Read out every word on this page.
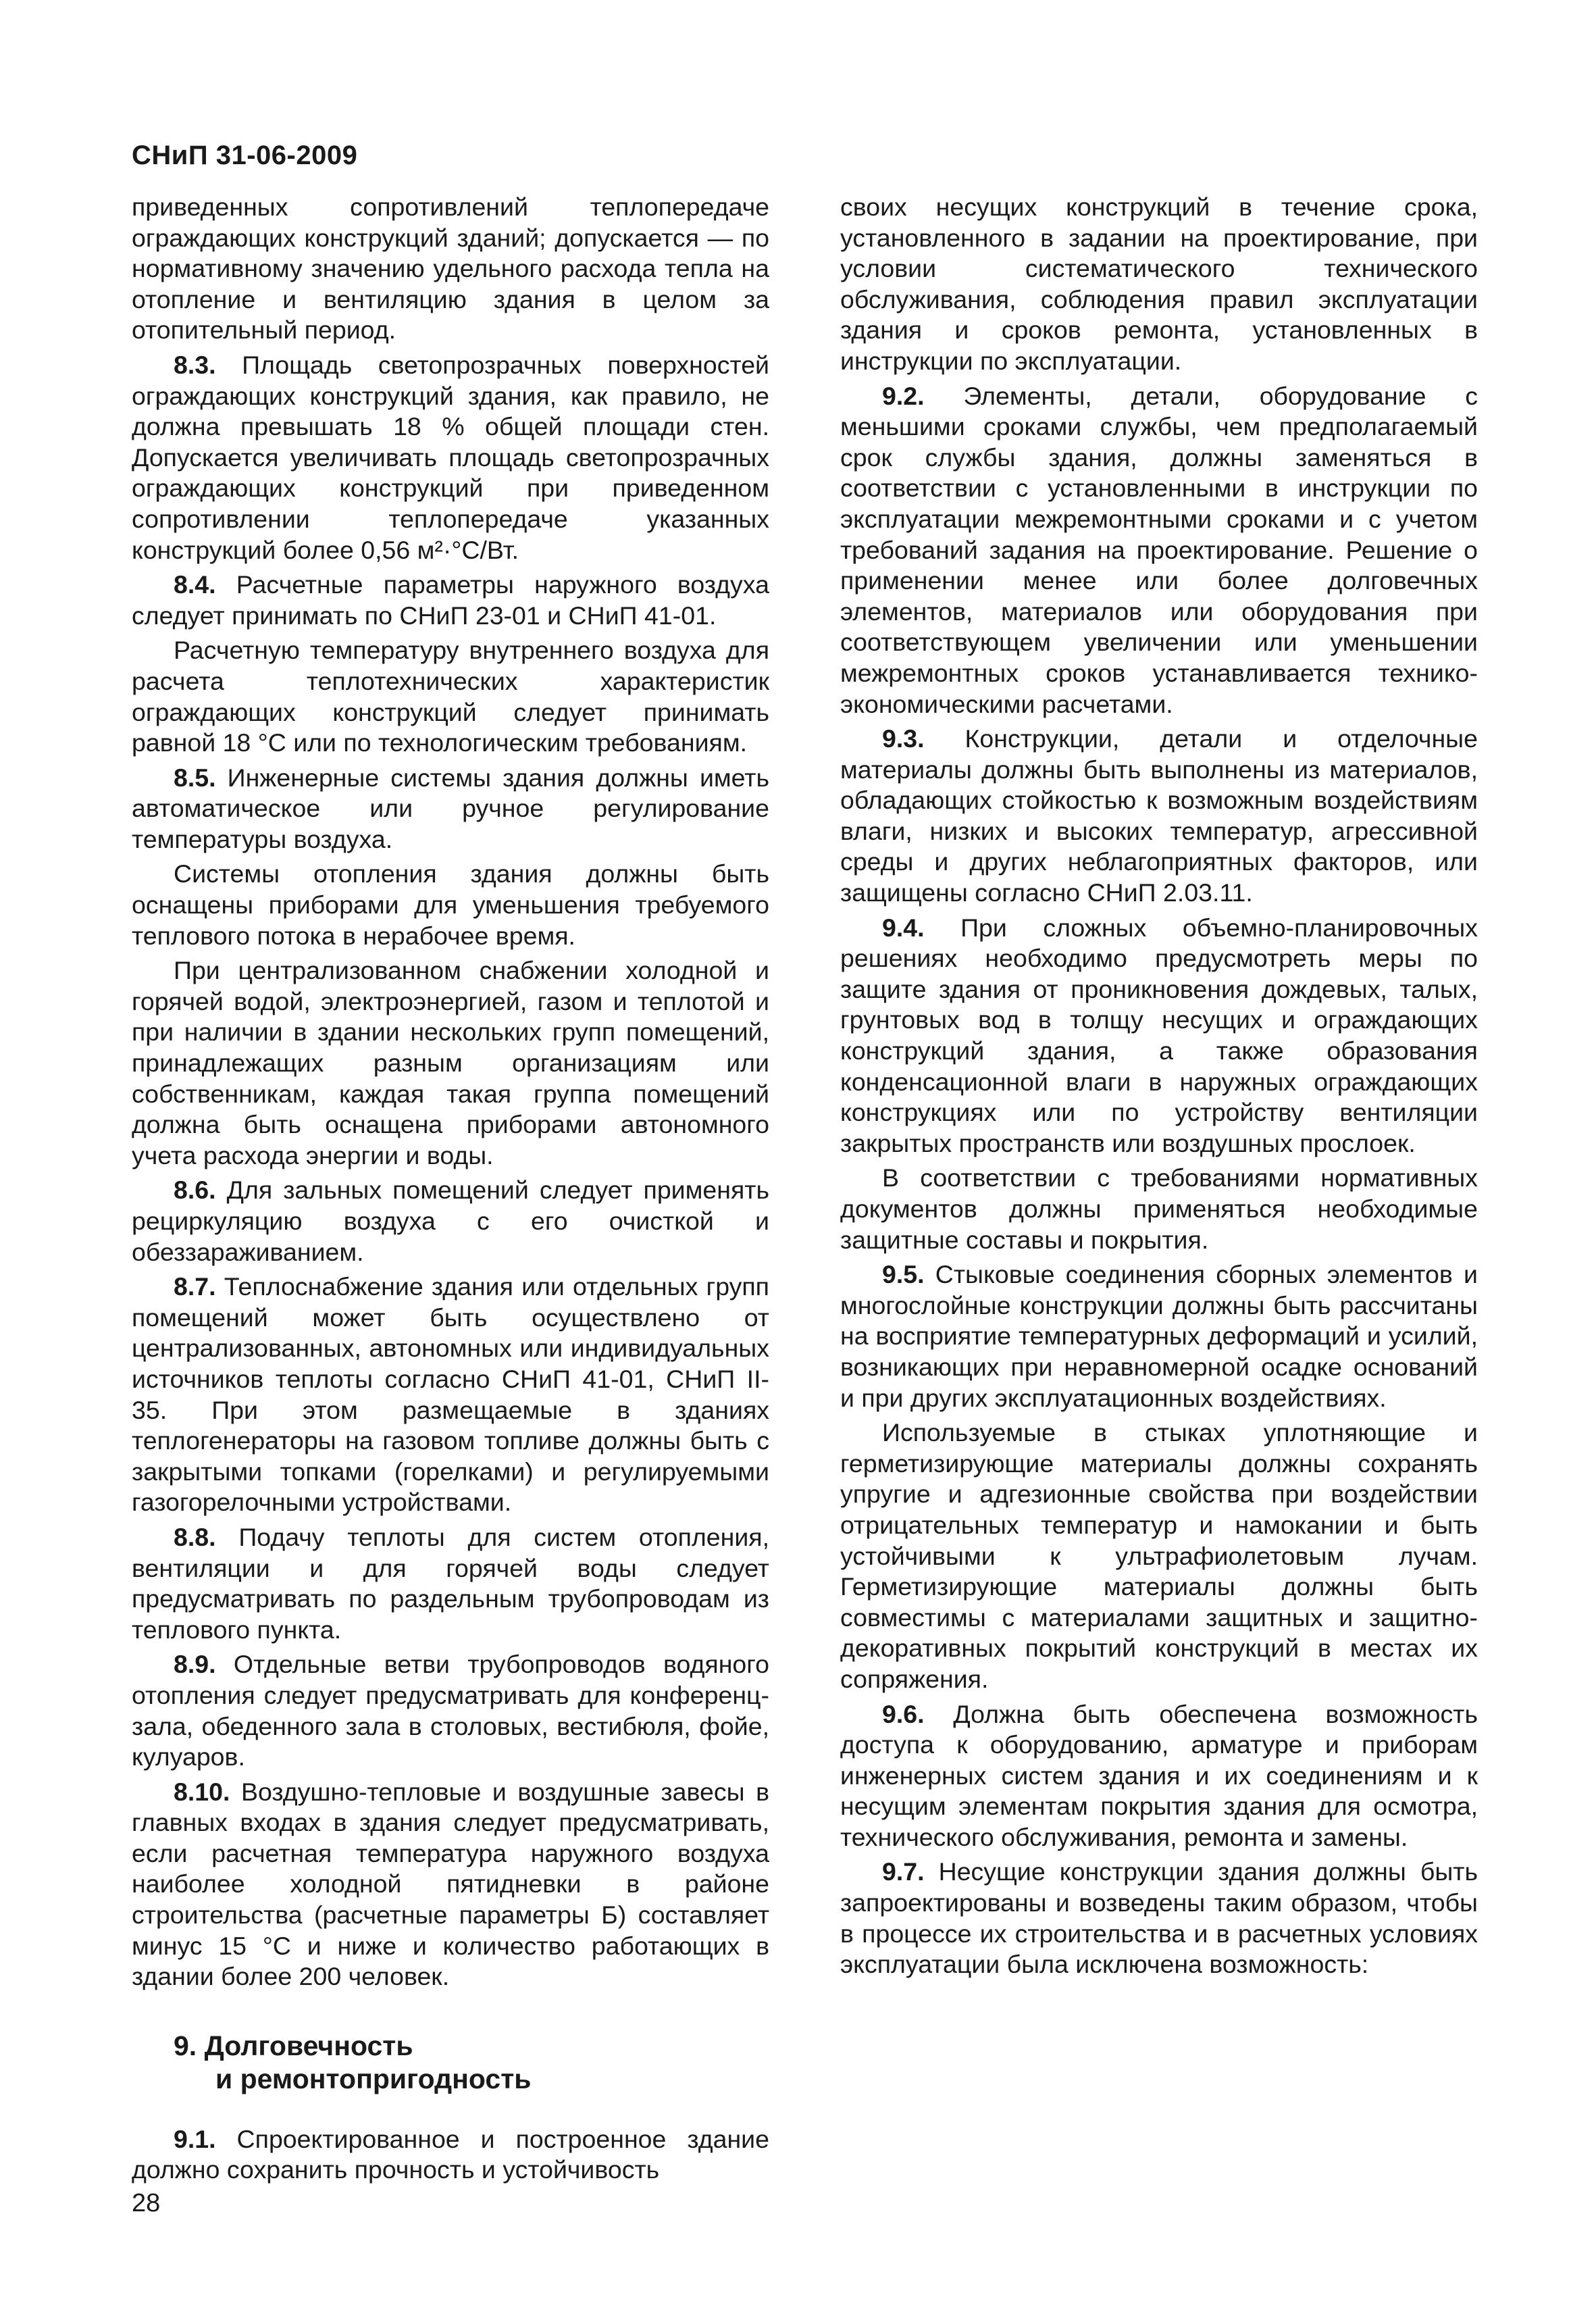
СНиП 31-06-2009

приведенных сопротивлений теплопередаче ограждающих конструкций зданий; допускается — по нормативному значению удельного расхода тепла на отопление и вентиляцию здания в целом за отопительный период.

8.3. Площадь светопрозрачных поверхностей ограждающих конструкций здания, как правило, не должна превышать 18 % общей площади стен. Допускается увеличивать площадь светопрозрачных ограждающих конструкций при приведенном сопротивлении теплопередаче указанных конструкций более 0,56 м²·°С/Вт.

8.4. Расчетные параметры наружного воздуха следует принимать по СНиП 23-01 и СНиП 41-01.

Расчетную температуру внутреннего воздуха для расчета теплотехнических характеристик ограждающих конструкций следует принимать равной 18 °С или по технологическим требованиям.

8.5. Инженерные системы здания должны иметь автоматическое или ручное регулирование температуры воздуха.

Системы отопления здания должны быть оснащены приборами для уменьшения требуемого теплового потока в нерабочее время.

При централизованном снабжении холодной и горячей водой, электроэнергией, газом и теплотой и при наличии в здании нескольких групп помещений, принадлежащих разным организациям или собственникам, каждая такая группа помещений должна быть оснащена приборами автономного учета расхода энергии и воды.

8.6. Для зальных помещений следует применять рециркуляцию воздуха с его очисткой и обеззараживанием.

8.7. Теплоснабжение здания или отдельных групп помещений может быть осуществлено от централизованных, автономных или индивидуальных источников теплоты согласно СНиП 41-01, СНиП II-35. При этом размещаемые в зданиях теплогенераторы на газовом топливе должны быть с закрытыми топками (горелками) и регулируемыми газогорелочными устройствами.

8.8. Подачу теплоты для систем отопления, вентиляции и для горячей воды следует предусматривать по раздельным трубопроводам из теплового пункта.

8.9. Отдельные ветви трубопроводов водяного отопления следует предусматривать для конференц-зала, обеденного зала в столовых, вестибюля, фойе, кулуаров.

8.10. Воздушно-тепловые и воздушные завесы в главных входах в здания следует предусматривать, если расчетная температура наружного воздуха наиболее холодной пятидневки в районе строительства (расчетные параметры Б) составляет минус 15 °С и ниже и количество работающих в здании более 200 человек.

9. Долговечность
и ремонтопригодность

9.1. Спроектированное и построенное здание должно сохранить прочность и устойчивость

своих несущих конструкций в течение срока, установленного в задании на проектирование, при условии систематического технического обслуживания, соблюдения правил эксплуатации здания и сроков ремонта, установленных в инструкции по эксплуатации.

9.2. Элементы, детали, оборудование с меньшими сроками службы, чем предполагаемый срок службы здания, должны заменяться в соответствии с установленными в инструкции по эксплуатации межремонтными сроками и с учетом требований задания на проектирование. Решение о применении менее или более долговечных элементов, материалов или оборудования при соответствующем увеличении или уменьшении межремонтных сроков устанавливается технико-экономическими расчетами.

9.3. Конструкции, детали и отделочные материалы должны быть выполнены из материалов, обладающих стойкостью к возможным воздействиям влаги, низких и высоких температур, агрессивной среды и других неблагоприятных факторов, или защищены согласно СНиП 2.03.11.

9.4. При сложных объемно-планировочных решениях необходимо предусмотреть меры по защите здания от проникновения дождевых, талых, грунтовых вод в толщу несущих и ограждающих конструкций здания, а также образования конденсационной влаги в наружных ограждающих конструкциях или по устройству вентиляции закрытых пространств или воздушных прослоек.

В соответствии с требованиями нормативных документов должны применяться необходимые защитные составы и покрытия.

9.5. Стыковые соединения сборных элементов и многослойные конструкции должны быть рассчитаны на восприятие температурных деформаций и усилий, возникающих при неравномерной осадке оснований и при других эксплуатационных воздействиях.

Используемые в стыках уплотняющие и герметизирующие материалы должны сохранять упругие и адгезионные свойства при воздействии отрицательных температур и намокании и быть устойчивыми к ультрафиолетовым лучам. Герметизирующие материалы должны быть совместимы с материалами защитных и защитно-декоративных покрытий конструкций в местах их сопряжения.

9.6. Должна быть обеспечена возможность доступа к оборудованию, арматуре и приборам инженерных систем здания и их соединениям и к несущим элементам покрытия здания для осмотра, технического обслуживания, ремонта и замены.

9.7. Несущие конструкции здания должны быть запроектированы и возведены таким образом, чтобы в процессе их строительства и в расчетных условиях эксплуатации была исключена возможность:

28
